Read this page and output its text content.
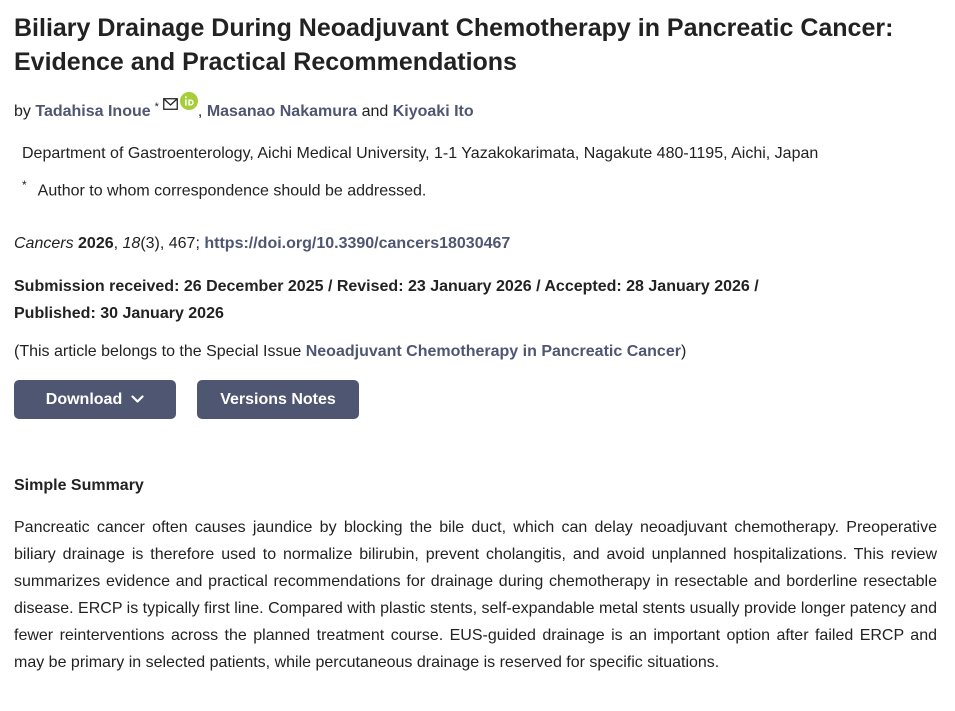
Biliary Drainage During Neoadjuvant Chemotherapy in Pancreatic Cancer: Evidence and Practical Recommendations
by Tadahisa Inoue * , Masanao Nakamura and Kiyoaki Ito
Department of Gastroenterology, Aichi Medical University, 1-1 Yazakokarimata, Nagakute 480-1195, Aichi, Japan
* Author to whom correspondence should be addressed.
Cancers 2026, 18(3), 467; https://doi.org/10.3390/cancers18030467
Submission received: 26 December 2025 / Revised: 23 January 2026 / Accepted: 28 January 2026 /
Published: 30 January 2026
(This article belongs to the Special Issue Neoadjuvant Chemotherapy in Pancreatic Cancer)
Download	Versions Notes
Simple Summary

Pancreatic cancer often causes jaundice by blocking the bile duct, which can delay neoadjuvant chemotherapy. Preoperative biliary drainage is therefore used to normalize bilirubin, prevent cholangitis, and avoid unplanned hospitalizations. This review summarizes evidence and practical recommendations for drainage during chemotherapy in resectable and borderline resectable disease. ERCP is typically first line. Compared with plastic stents, self-expandable metal stents usually provide longer patency and fewer reinterventions across the planned treatment course. EUS-guided drainage is an important option after failed ERCP and may be primary in selected patients, while percutaneous drainage is reserved for specific situations.
